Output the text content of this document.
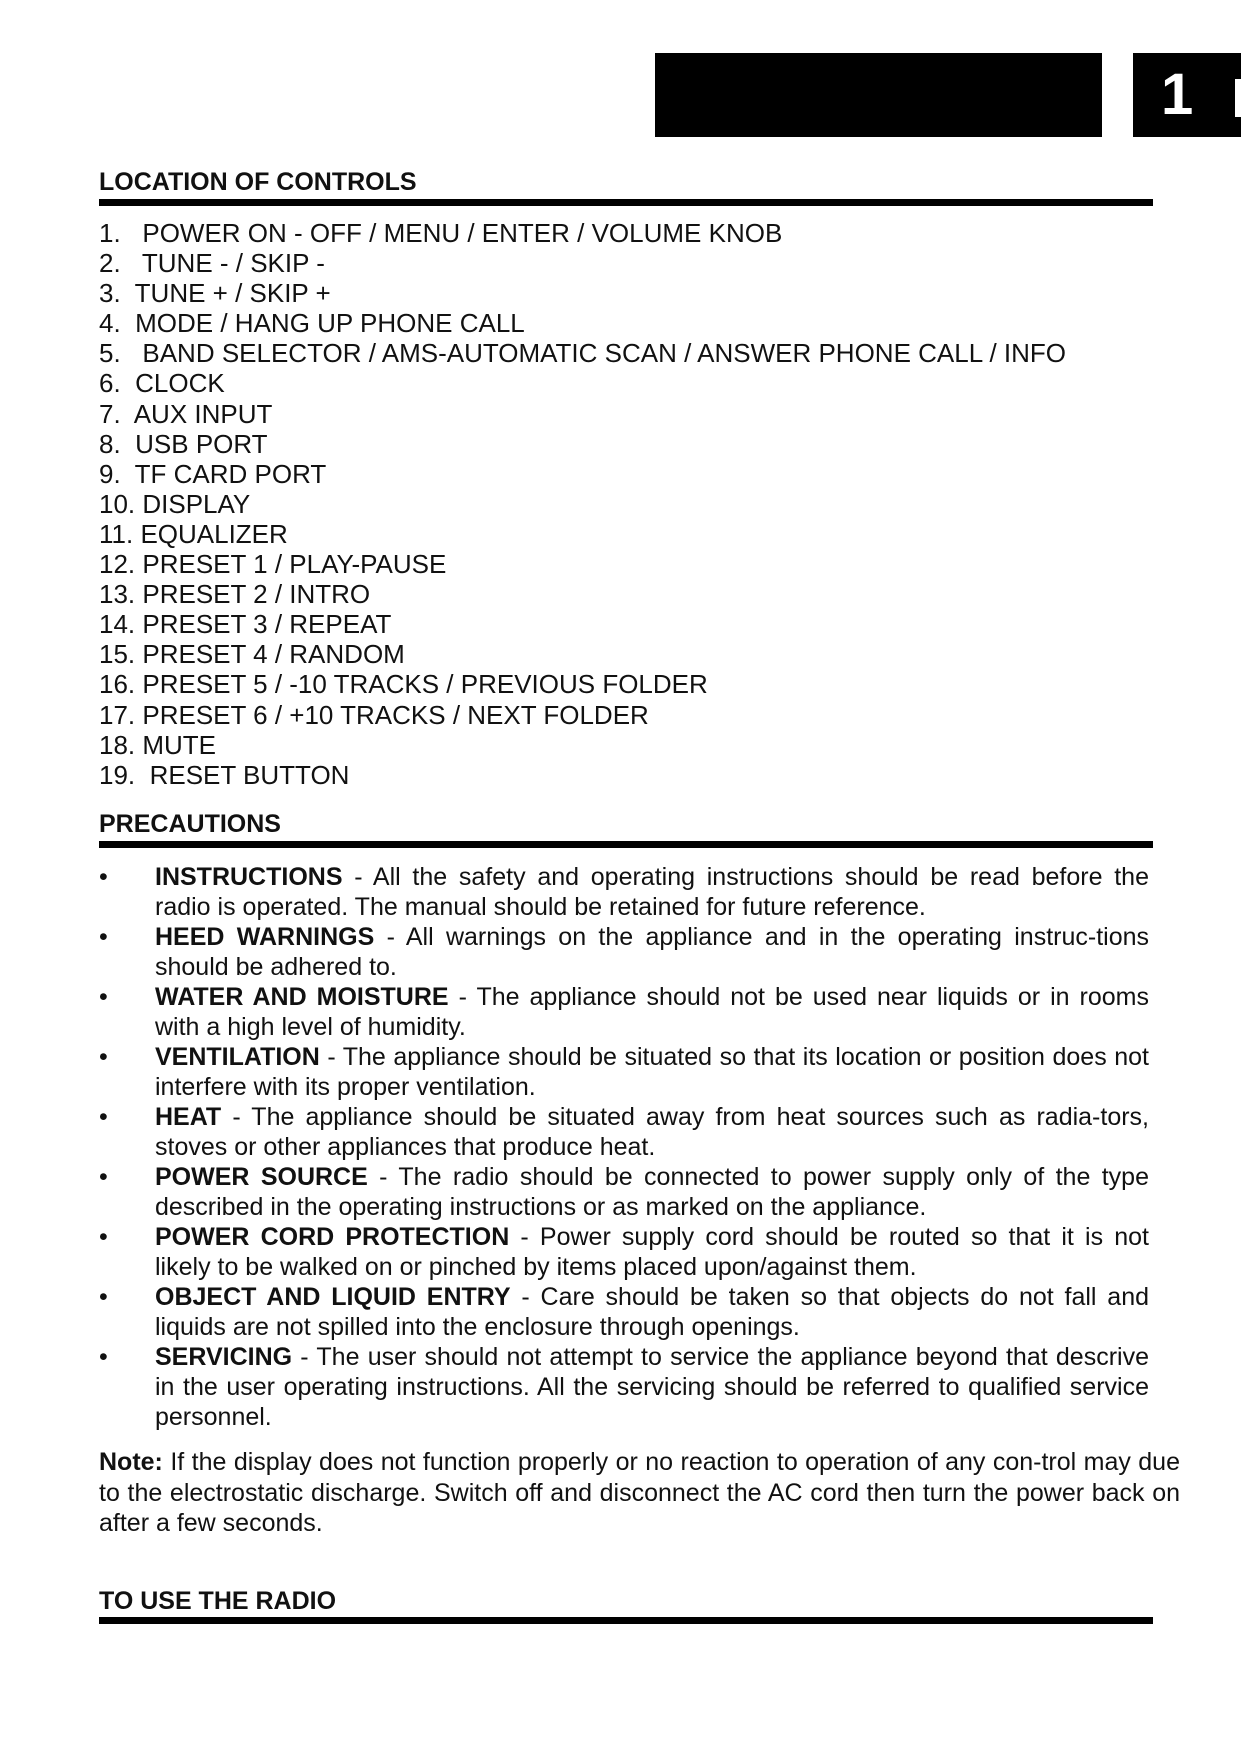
1
LOCATION OF CONTROLS
1.   POWER ON - OFF / MENU / ENTER / VOLUME KNOB
2.   TUNE - / SKIP -
3.  TUNE + / SKIP +
4.  MODE / HANG UP PHONE CALL
5.   BAND SELECTOR / AMS-AUTOMATIC SCAN / ANSWER PHONE CALL / INFO
6.  CLOCK
7.  AUX INPUT
8.  USB PORT
9.  TF CARD PORT
10. DISPLAY
11. EQUALIZER
12. PRESET 1 / PLAY-PAUSE
13. PRESET 2 / INTRO
14. PRESET 3 / REPEAT
15. PRESET 4 / RANDOM
16. PRESET 5 / -10 TRACKS / PREVIOUS FOLDER
17. PRESET 6 / +10 TRACKS / NEXT FOLDER
18. MUTE
19.  RESET BUTTON
PRECAUTIONS
• INSTRUCTIONS - All the safety and operating instructions should be read before the radio is operated. The manual should be retained for future reference.
• HEED WARNINGS - All warnings on the appliance and in the operating instruc-tions should be adhered to.
• WATER AND MOISTURE - The appliance should not be used near liquids or in rooms with a high level of humidity.
• VENTILATION - The appliance should be situated so that its location or position does not interfere with its proper ventilation.
• HEAT - The appliance should be situated away from heat sources such as radia-tors, stoves or other appliances that produce heat.
• POWER SOURCE - The radio should be connected to power supply only of the type described in the operating instructions or as marked on the appliance.
• POWER CORD PROTECTION - Power supply cord should be routed so that it is not likely to be walked on or pinched by items placed upon/against them.
• OBJECT AND LIQUID ENTRY - Care should be taken so that objects do not fall and liquids are not spilled into the enclosure through openings.
• SERVICING - The user should not attempt to service the appliance beyond that descrive in the user operating instructions. All the servicing should be referred to qualified service personnel.
Note: If the display does not function properly or no reaction to operation of any con-trol may due to the electrostatic discharge. Switch off and disconnect the AC cord then turn the power back on after a few seconds.
TO USE THE RADIO
